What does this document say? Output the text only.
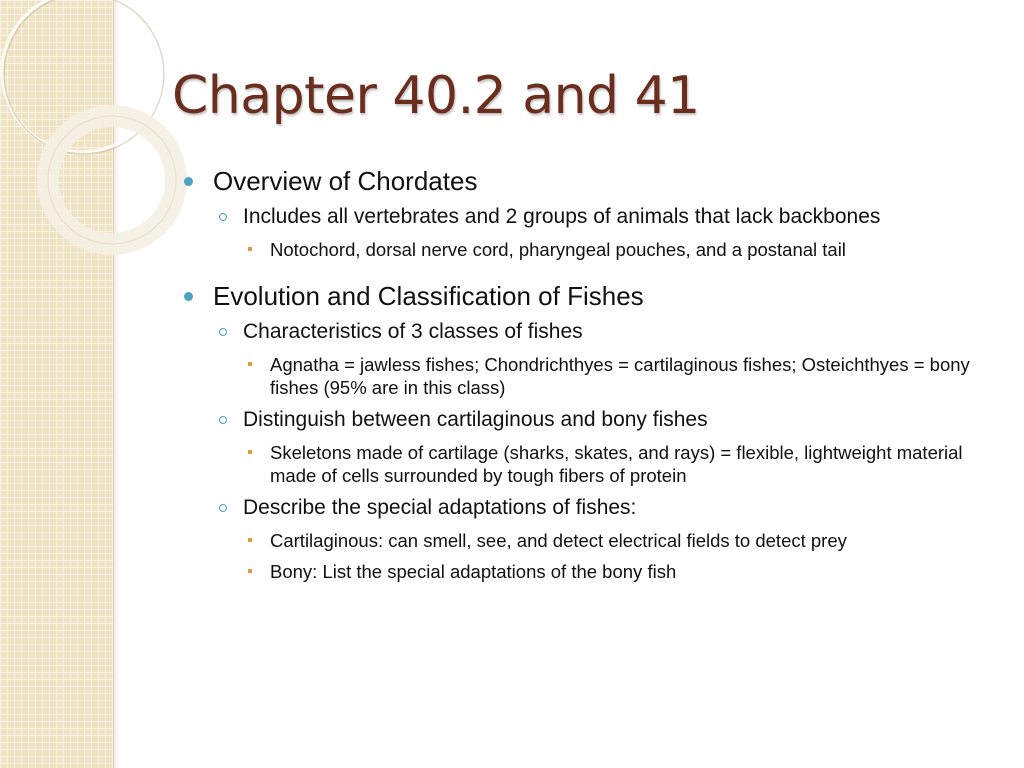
Chapter 40.2 and 41
Overview of Chordates
Includes all vertebrates and 2 groups of animals that lack backbones
Notochord, dorsal nerve cord, pharyngeal pouches, and a postanal tail
Evolution and Classification of Fishes
Characteristics of 3 classes of fishes
Agnatha = jawless fishes; Chondrichthyes = cartilaginous fishes; Osteichthyes = bony fishes (95% are in this class)
Distinguish between cartilaginous and bony fishes
Skeletons made of cartilage (sharks, skates, and rays) = flexible, lightweight material made of cells surrounded by tough fibers of protein
Describe the special adaptations of fishes:
Cartilaginous: can smell, see, and detect electrical fields to detect prey
Bony: List the special adaptations of the bony fish
